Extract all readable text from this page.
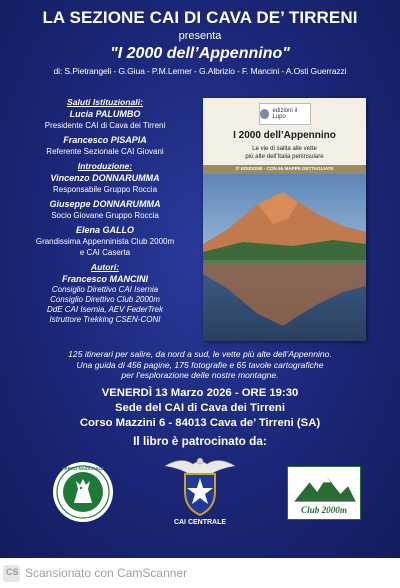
LA SEZIONE CAI DI CAVA DE’ TIRRENI
presenta
"I 2000 dell’Appennino"
di: S.Pietrangeli - G.Giua - P.M.Lerner - G.Albrizio - F. Mancini - A.Osti Guerrazzi
Saluti Istituzionali:
Lucia PALUMBO
Presidente CAI di Cava dei Tirreni
Francesco PISAPIA
Referente Sezionale CAI Giovani
Introduzione:
Vincenzo DONNARUMMA
Responsabile Gruppo Roccia
Giuseppe DONNARUMMA
Socio Giovane Gruppo Roccia
Elena GALLO
Grandissima Appenninista Club 2000m
e CAI Caserta
Autori:
Francesco MANCINI
Consiglio Direttivo CAI Isernia
Consiglio Direttivo Club 2000m
DdE CAI Isernia, AEV FederTrek
Istruttore Trekking CSEN-CONI
edizioni il Lupo
I 2000 dell’Appennino
Le vie di salita alle vette
più alte dell’Italia peninsulare
3ª EDIZIONE - CON 65 MAPPE DETTAGLIATE
125 itinerari per salire, da nord a sud, le vette più alte dell’Appennino.
Una guida di 456 pagine, 175 fotografie e 65 tavole cartografiche
per l’esplorazione delle nostre montagne.
VENERDÌ 13 Marzo 2026 - ORE 19:30
Sede del CAI di Cava dei Tirreni
Corso Mazzini 6 - 84013 Cava de’ Tirreni (SA)
Il libro è patrocinato da:
PARCO NAZIONALE
CAI CENTRALE
Club 2000m
CS Scansionato con CamScanner
